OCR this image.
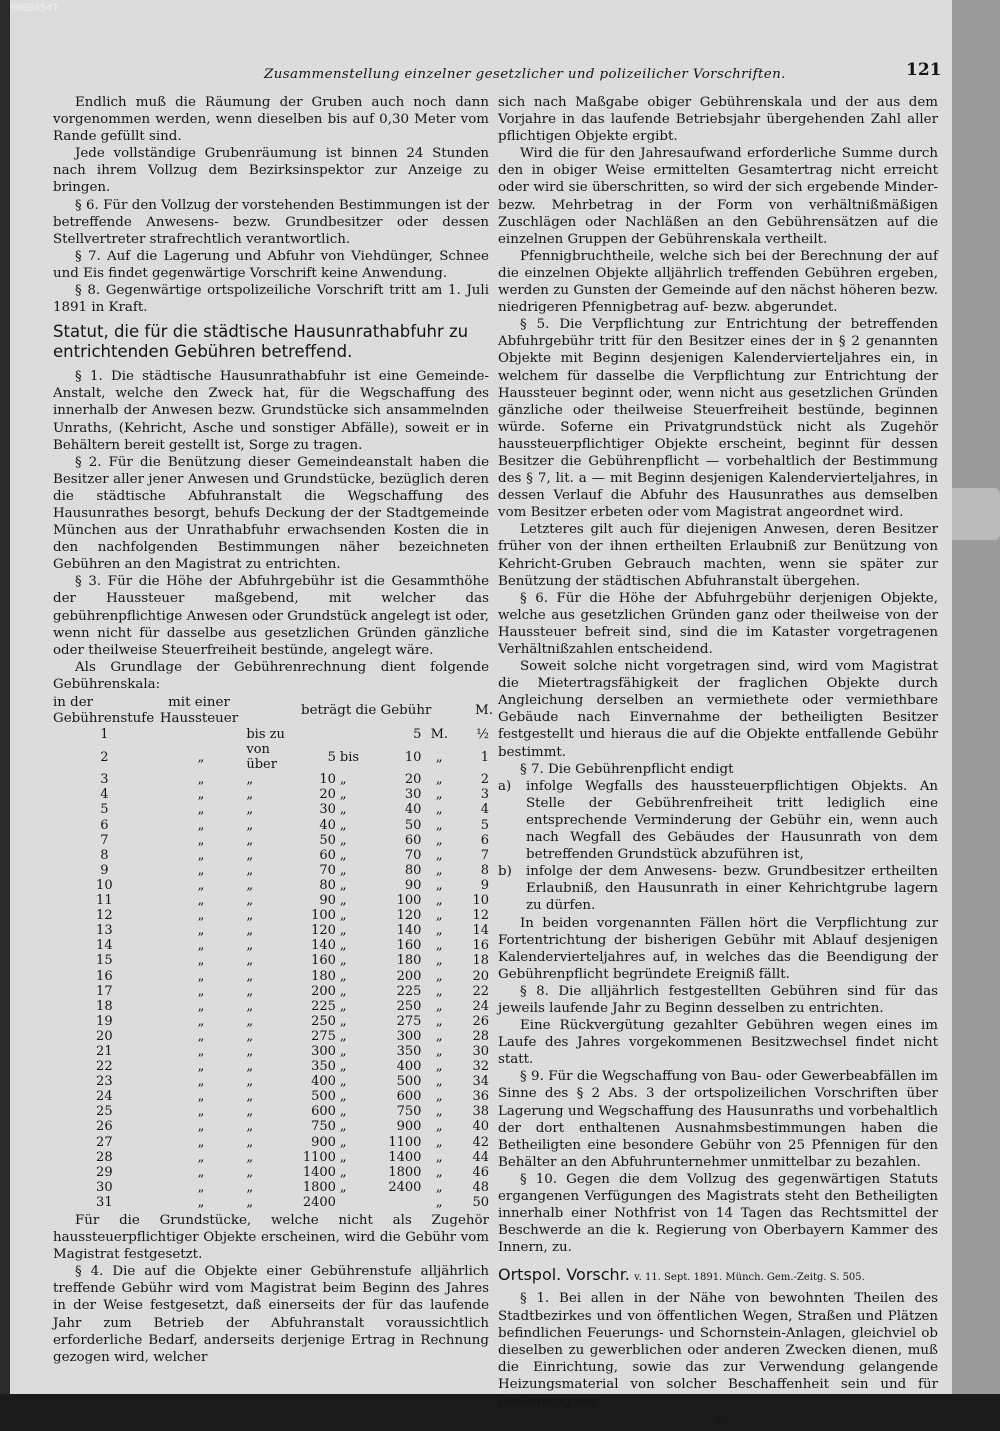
00696547
Zusammenstellung einzelner gesetzlicher und polizeilicher Vorschriften.	121

Endlich muß die Räumung der Gruben auch noch dann vorgenommen werden, wenn dieselben bis auf 0,30 Meter vom Rande gefüllt sind.

Jede vollständige Grubenräumung ist binnen 24 Stunden nach ihrem Vollzug dem Bezirksinspektor zur Anzeige zu bringen.

§ 6. Für den Vollzug der vorstehenden Bestimmungen ist der betreffende Anwesens- bezw. Grundbesitzer oder dessen Stellvertreter strafrechtlich verantwortlich.

§ 7. Auf die Lagerung und Abfuhr von Viehdünger, Schnee und Eis findet gegenwärtige Vorschrift keine Anwendung.

§ 8. Gegenwärtige ortspolizeiliche Vorschrift tritt am 1. Juli 1891 in Kraft.

Statut, die für die städtische Hausunrathabfuhr zu entrichtenden Gebühren betreffend.

§ 1. Die städtische Hausunrathabfuhr ist eine Gemeinde-Anstalt, welche den Zweck hat, für die Wegschaffung des innerhalb der Anwesen bezw. Grundstücke sich ansammelnden Unraths, (Kehricht, Asche und sonstiger Abfälle), soweit er in Behältern bereit gestellt ist, Sorge zu tragen.

§ 2. Für die Benützung dieser Gemeindeanstalt haben die Besitzer aller jener Anwesen und Grundstücke, bezüglich deren die städtische Abfuhranstalt die Wegschaffung des Hausunrathes besorgt, behufs Deckung der der Stadtgemeinde München aus der Unrathabfuhr erwachsenden Kosten die in den nachfolgenden Bestimmungen näher bezeichneten Gebühren an den Magistrat zu entrichten.

§ 3. Für die Höhe der Abfuhrgebühr ist die Gesammthöhe der Haussteuer maßgebend, mit welcher das gebührenpflichtige Anwesen oder Grundstück angelegt ist oder, wenn nicht für dasselbe aus gesetzlichen Gründen gänzliche oder theilweise Steuerfreiheit bestünde, angelegt wäre.

Als Grundlage der Gebührenrechnung dient folgende Gebührenskala:

in der
Gebührenstufe
mit einer
Haussteuer
beträgt die Gebühr	M.
1		bis zu			5	M.	½
2	„	von über	5	bis	10	„	1
3	„	„	10	„	20	„	2
4	„	„	20	„	30	„	3
5	„	„	30	„	40	„	4
6	„	„	40	„	50	„	5
7	„	„	50	„	60	„	6
8	„	„	60	„	70	„	7
9	„	„	70	„	80	„	8
10	„	„	80	„	90	„	9
11	„	„	90	„	100	„	10
12	„	„	100	„	120	„	12
13	„	„	120	„	140	„	14
14	„	„	140	„	160	„	16
15	„	„	160	„	180	„	18
16	„	„	180	„	200	„	20
17	„	„	200	„	225	„	22
18	„	„	225	„	250	„	24
19	„	„	250	„	275	„	26
20	„	„	275	„	300	„	28
21	„	„	300	„	350	„	30
22	„	„	350	„	400	„	32
23	„	„	400	„	500	„	34
24	„	„	500	„	600	„	36
25	„	„	600	„	750	„	38
26	„	„	750	„	900	„	40
27	„	„	900	„	1100	„	42
28	„	„	1100	„	1400	„	44
29	„	„	1400	„	1800	„	46
30	„	„	1800	„	2400	„	48
31	„	„	2400			„	50

Für die Grundstücke, welche nicht als Zugehör haussteuerpflichtiger Objekte erscheinen, wird die Gebühr vom Magistrat festgesetzt.

§ 4. Die auf die Objekte einer Gebührenstufe alljährlich treffende Gebühr wird vom Magistrat beim Beginn des Jahres in der Weise festgesetzt, daß einerseits der für das laufende Jahr zum Betrieb der Abfuhranstalt voraussichtlich erforderliche Bedarf, anderseits derjenige Ertrag in Rechnung gezogen wird, welcher

sich nach Maßgabe obiger Gebührenskala und der aus dem Vorjahre in das laufende Betriebsjahr übergehenden Zahl aller pflichtigen Objekte ergibt.

Wird die für den Jahresaufwand erforderliche Summe durch den in obiger Weise ermittelten Gesamtertrag nicht erreicht oder wird sie überschritten, so wird der sich ergebende Minder- bezw. Mehrbetrag in der Form von verhältnißmäßigen Zuschlägen oder Nachläßen an den Gebührensätzen auf die einzelnen Gruppen der Gebührenskala vertheilt.

Pfennigbruchtheile, welche sich bei der Berechnung der auf die einzelnen Objekte alljährlich treffenden Gebühren ergeben, werden zu Gunsten der Gemeinde auf den nächst höheren bezw. niedrigeren Pfennigbetrag auf- bezw. abgerundet.

§ 5. Die Verpflichtung zur Entrichtung der betreffenden Abfuhrgebühr tritt für den Besitzer eines der in § 2 genannten Objekte mit Beginn desjenigen Kalendervierteljahres ein, in welchem für dasselbe die Verpflichtung zur Entrichtung der Haussteuer beginnt oder, wenn nicht aus gesetzlichen Gründen gänzliche oder theilweise Steuerfreiheit bestünde, beginnen würde. Soferne ein Privatgrundstück nicht als Zugehör haussteuerpflichtiger Objekte erscheint, beginnt für dessen Besitzer die Gebührenpflicht — vorbehaltlich der Bestimmung des § 7, lit. a — mit Beginn desjenigen Kalendervierteljahres, in dessen Verlauf die Abfuhr des Hausunrathes aus demselben vom Besitzer erbeten oder vom Magistrat angeordnet wird.

Letzteres gilt auch für diejenigen Anwesen, deren Besitzer früher von der ihnen ertheilten Erlaubniß zur Benützung von Kehricht-Gruben Gebrauch machten, wenn sie später zur Benützung der städtischen Abfuhranstalt übergehen.

§ 6. Für die Höhe der Abfuhrgebühr derjenigen Objekte, welche aus gesetzlichen Gründen ganz oder theilweise von der Haussteuer befreit sind, sind die im Kataster vorgetragenen Verhältnißzahlen entscheidend.

Soweit solche nicht vorgetragen sind, wird vom Magistrat die Mietertragsfähigkeit der fraglichen Objekte durch Angleichung derselben an vermiethete oder vermiethbare Gebäude nach Einvernahme der betheiligten Besitzer festgestellt und hieraus die auf die Objekte entfallende Gebühr bestimmt.

§ 7. Die Gebührenpflicht endigt

a)	infolge Wegfalls des haussteuerpflichtigen Objekts. An Stelle der Gebührenfreiheit tritt lediglich eine entsprechende Verminderung der Gebühr ein, wenn auch nach Wegfall des Gebäudes der Hausunrath von dem betreffenden Grundstück abzuführen ist,
b)	infolge der dem Anwesens- bezw. Grundbesitzer ertheilten Erlaubniß, den Hausunrath in einer Kehrichtgrube lagern zu dürfen.

In beiden vorgenannten Fällen hört die Verpflichtung zur Fortentrichtung der bisherigen Gebühr mit Ablauf desjenigen Kalendervierteljahres auf, in welches das die Beendigung der Gebührenpflicht begründete Ereigniß fällt.

§ 8. Die alljährlich festgestellten Gebühren sind für das jeweils laufende Jahr zu Beginn desselben zu entrichten.

Eine Rückvergütung gezahlter Gebühren wegen eines im Laufe des Jahres vorgekommenen Besitzwechsel findet nicht statt.

§ 9. Für die Wegschaffung von Bau- oder Gewerbeabfällen im Sinne des § 2 Abs. 3 der ortspolizeilichen Vorschriften über Lagerung und Wegschaffung des Hausunraths und vorbehaltlich der dort enthaltenen Ausnahmsbestimmungen haben die Betheiligten eine besondere Gebühr von 25 Pfennigen für den Behälter an den Abfuhrunternehmer unmittelbar zu bezahlen.

§ 10. Gegen die dem Vollzug des gegenwärtigen Statuts ergangenen Verfügungen des Magistrats steht den Betheiligten innerhalb einer Nothfrist von 14 Tagen das Rechtsmittel der Beschwerde an die k. Regierung von Oberbayern Kammer des Innern, zu.

Ortspol. Vorschr. v. 11. Sept. 1891. Münch. Gem.-Zeitg. S. 505.

§ 1. Bei allen in der Nähe von bewohnten Theilen des Stadtbezirkes und von öffentlichen Wegen, Straßen und Plätzen befindlichen Feuerungs- und Schornstein-Anlagen, gleichviel ob dieselben zu gewerblichen oder anderen Zwecken dienen, muß die Einrichtung, sowie das zur Verwendung gelangende Heizungsmaterial von solcher Beschaffenheit sein und für Bedienung der

*
